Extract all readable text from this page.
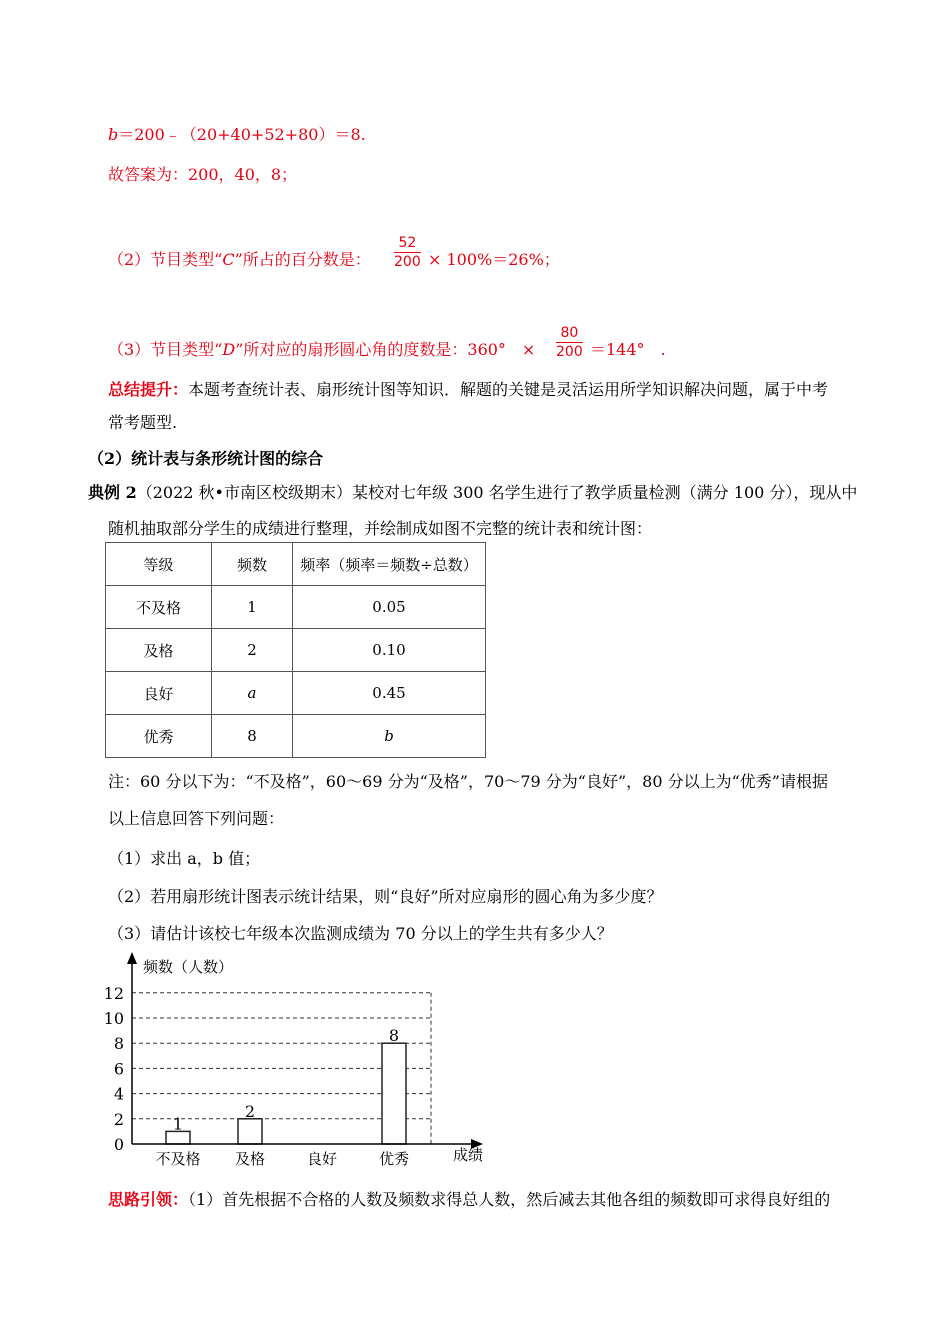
b＝200﹣（20+40+52+80）＝8.
故答案为：200，40，8；
（2）节目类型“C”所占的百分数是： $\frac{52}{200} \times 100\%=26\%$；
（3）节目类型“D”所对应的扇形圆心角的度数是：360°　× $\frac{80}{200} =144^\circ$　.
总结提升：本题考查统计表、扇形统计图等知识．解题的关键是灵活运用所学知识解决问题，属于中考
常考题型.
（2）统计表与条形统计图的综合
典例 2（2022 秋•市南区校级期末）某校对七年级 300 名学生进行了教学质量检测（满分 100 分），现从中
随机抽取部分学生的成绩进行整理，并绘制成如图不完整的统计表和统计图：
等级	频数	频率（频率＝频数÷总数）
不及格	1	0.05
及格	2	0.10
良好	a	0.45
优秀	8	b
注：60 分以下为：“不及格”，60～69 分为“及格”，70～79 分为“良好”，80 分以上为“优秀”请根据
以上信息回答下列问题：
（1）求出 a，b 值；
（2）若用扇形统计图表示统计结果，则“良好”所对应扇形的圆心角为多少度？
（3）请估计该校七年级本次监测成绩为 70 分以上的学生共有多少人？
频数（人数）
成绩
1
2
8
0
2
4
6
8
10
12
不及格 及格	良好	优秀
思路引领：（1）首先根据不合格的人数及频数求得总人数，然后减去其他各组的频数即可求得良好组的
